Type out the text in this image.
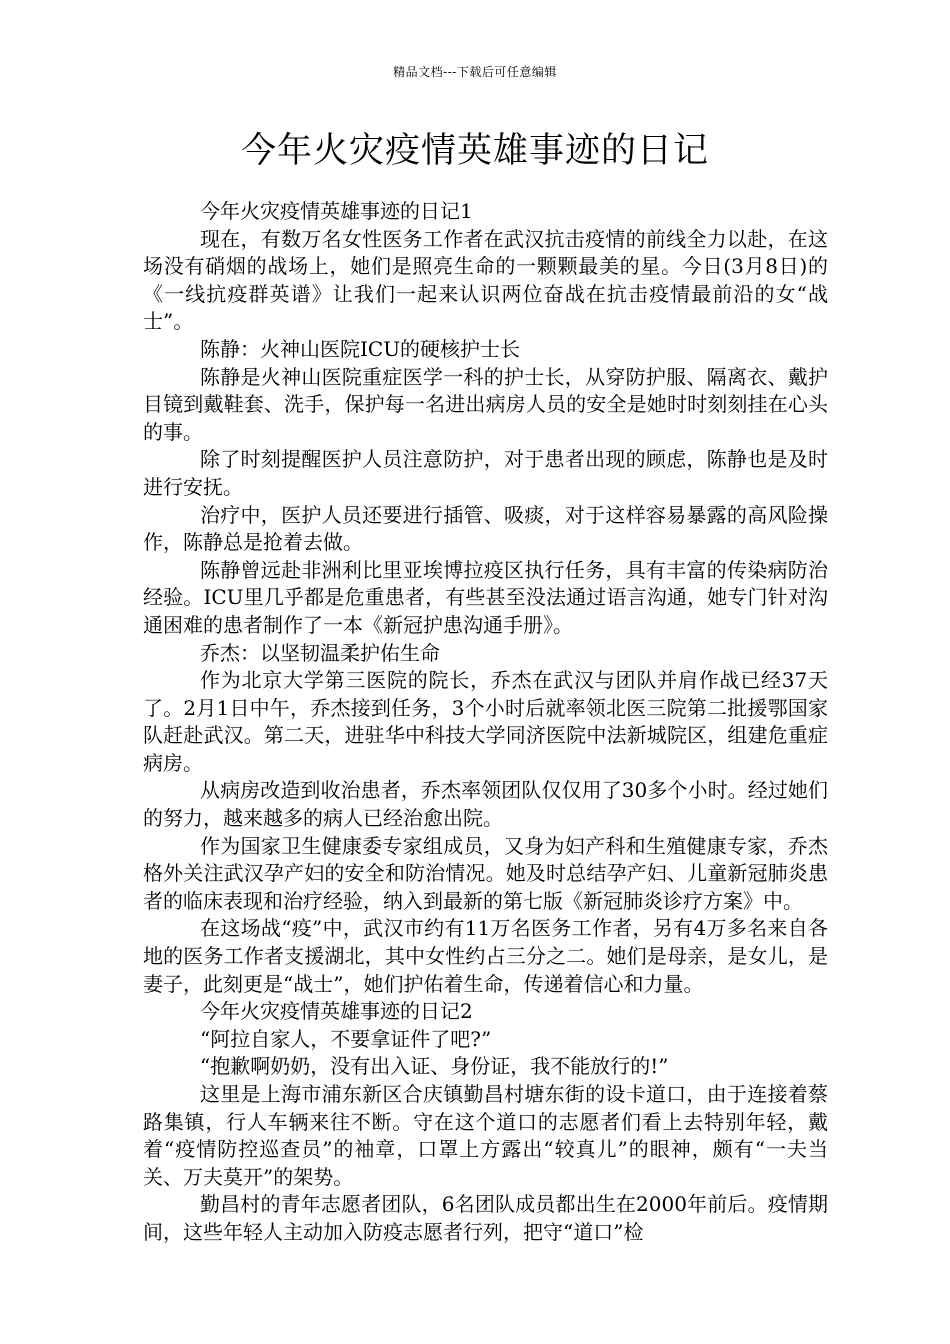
精品文档---下载后可任意编辑
今年火灾疫情英雄事迹的日记

今年火灾疫情英雄事迹的日记1

现在，有数万名女性医务工作者在武汉抗击疫情的前线全力以赴，在这场没有硝烟的战场上，她们是照亮生命的一颗颗最美的星。今日(3月8日)的《一线抗疫群英谱》让我们一起来认识两位奋战在抗击疫情最前沿的女“战士”。

陈静：火神山医院ICU的硬核护士长

陈静是火神山医院重症医学一科的护士长，从穿防护服、隔离衣、戴护目镜到戴鞋套、洗手，保护每一名进出病房人员的安全是她时时刻刻挂在心头的事。

除了时刻提醒医护人员注意防护，对于患者出现的顾虑，陈静也是及时进行安抚。

治疗中，医护人员还要进行插管、吸痰，对于这样容易暴露的高风险操作，陈静总是抢着去做。

陈静曾远赴非洲利比里亚埃博拉疫区执行任务，具有丰富的传染病防治经验。ICU里几乎都是危重患者，有些甚至没法通过语言沟通，她专门针对沟通困难的患者制作了一本《新冠护患沟通手册》。

乔杰：以坚韧温柔护佑生命

作为北京大学第三医院的院长，乔杰在武汉与团队并肩作战已经37天了。2月1日中午，乔杰接到任务，3个小时后就率领北医三院第二批援鄂国家队赶赴武汉。第二天，进驻华中科技大学同济医院中法新城院区，组建危重症病房。

从病房改造到收治患者，乔杰率领团队仅仅用了30多个小时。经过她们的努力，越来越多的病人已经治愈出院。

作为国家卫生健康委专家组成员，又身为妇产科和生殖健康专家，乔杰格外关注武汉孕产妇的安全和防治情况。她及时总结孕产妇、儿童新冠肺炎患者的临床表现和治疗经验，纳入到最新的第七版《新冠肺炎诊疗方案》中。

在这场战“疫”中，武汉市约有11万名医务工作者，另有4万多名来自各地的医务工作者支援湖北，其中女性约占三分之二。她们是母亲，是女儿，是妻子，此刻更是“战士”，她们护佑着生命，传递着信心和力量。

今年火灾疫情英雄事迹的日记2

“阿拉自家人，不要拿证件了吧?”

“抱歉啊奶奶，没有出入证、身份证，我不能放行的!”

这里是上海市浦东新区合庆镇勤昌村塘东街的设卡道口，由于连接着蔡路集镇，行人车辆来往不断。守在这个道口的志愿者们看上去特别年轻，戴着“疫情防控巡查员”的袖章，口罩上方露出“较真儿”的眼神，颇有“一夫当关、万夫莫开”的架势。

勤昌村的青年志愿者团队，6名团队成员都出生在2000年前后。疫情期间，这些年轻人主动加入防疫志愿者行列，把守“道口”检
